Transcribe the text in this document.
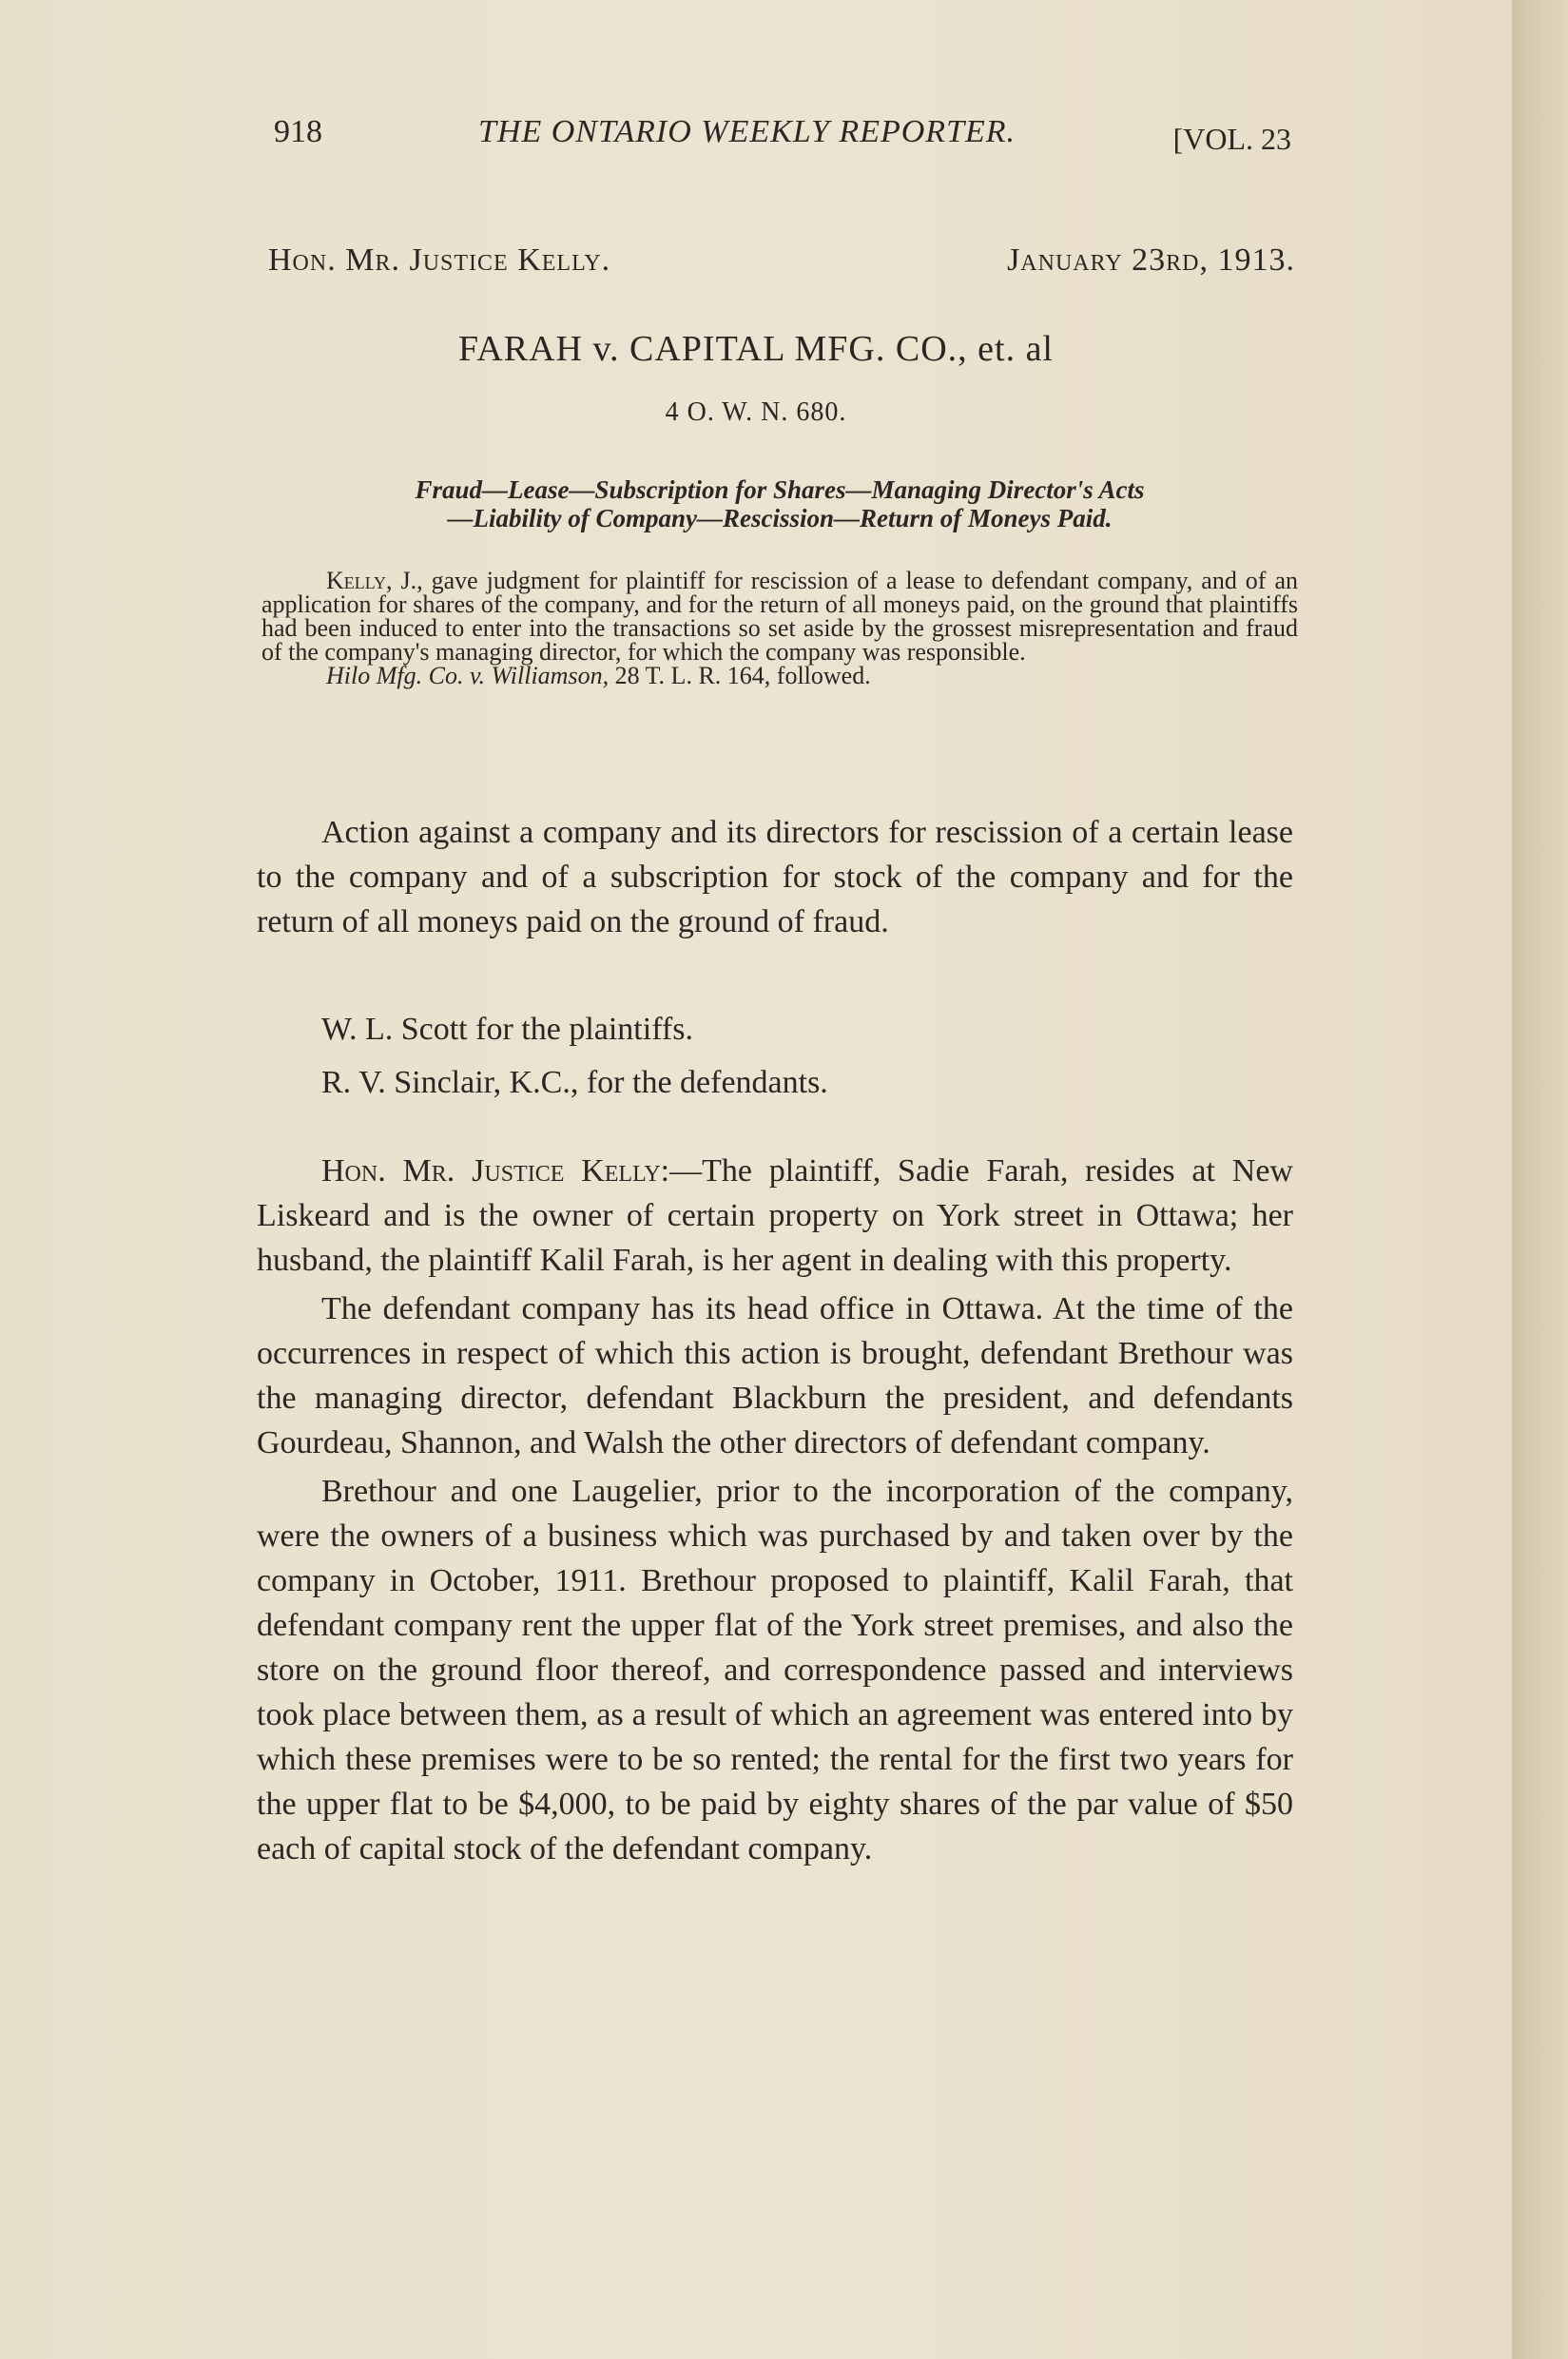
918	THE ONTARIO WEEKLY REPORTER.	[VOL. 23
Hon. Mr. Justice Kelly.	January 23rd, 1913.
FARAH v. CAPITAL MFG. CO., et. al
4 O. W. N. 680.
Fraud—Lease—Subscription for Shares—Managing Director's Acts
—Liability of Company—Rescission—Return of Moneys Paid.

Kelly, J., gave judgment for plaintiff for rescission of a lease to defendant company, and of an application for shares of the company, and for the return of all moneys paid, on the ground that plaintiffs had been induced to enter into the transactions so set aside by the grossest misrepresentation and fraud of the company's managing director, for which the company was responsible.

Hilo Mfg. Co. v. Williamson, 28 T. L. R. 164, followed.

Action against a company and its directors for rescission of a certain lease to the company and of a subscription for stock of the company and for the return of all moneys paid on the ground of fraud.

W. L. Scott for the plaintiffs.
R. V. Sinclair, K.C., for the defendants.

Hon. Mr. Justice Kelly:—The plaintiff, Sadie Farah, resides at New Liskeard and is the owner of certain property on York street in Ottawa; her husband, the plaintiff Kalil Farah, is her agent in dealing with this property.

The defendant company has its head office in Ottawa. At the time of the occurrences in respect of which this action is brought, defendant Brethour was the managing director, defendant Blackburn the president, and defendants Gourdeau, Shannon, and Walsh the other directors of defendant company.

Brethour and one Laugelier, prior to the incorporation of the company, were the owners of a business which was purchased by and taken over by the company in October, 1911. Brethour proposed to plaintiff, Kalil Farah, that defendant company rent the upper flat of the York street premises, and also the store on the ground floor thereof, and correspondence passed and interviews took place between them, as a result of which an agreement was entered into by which these premises were to be so rented; the rental for the first two years for the upper flat to be $4,000, to be paid by eighty shares of the par value of $50 each of capital stock of the defendant company.
